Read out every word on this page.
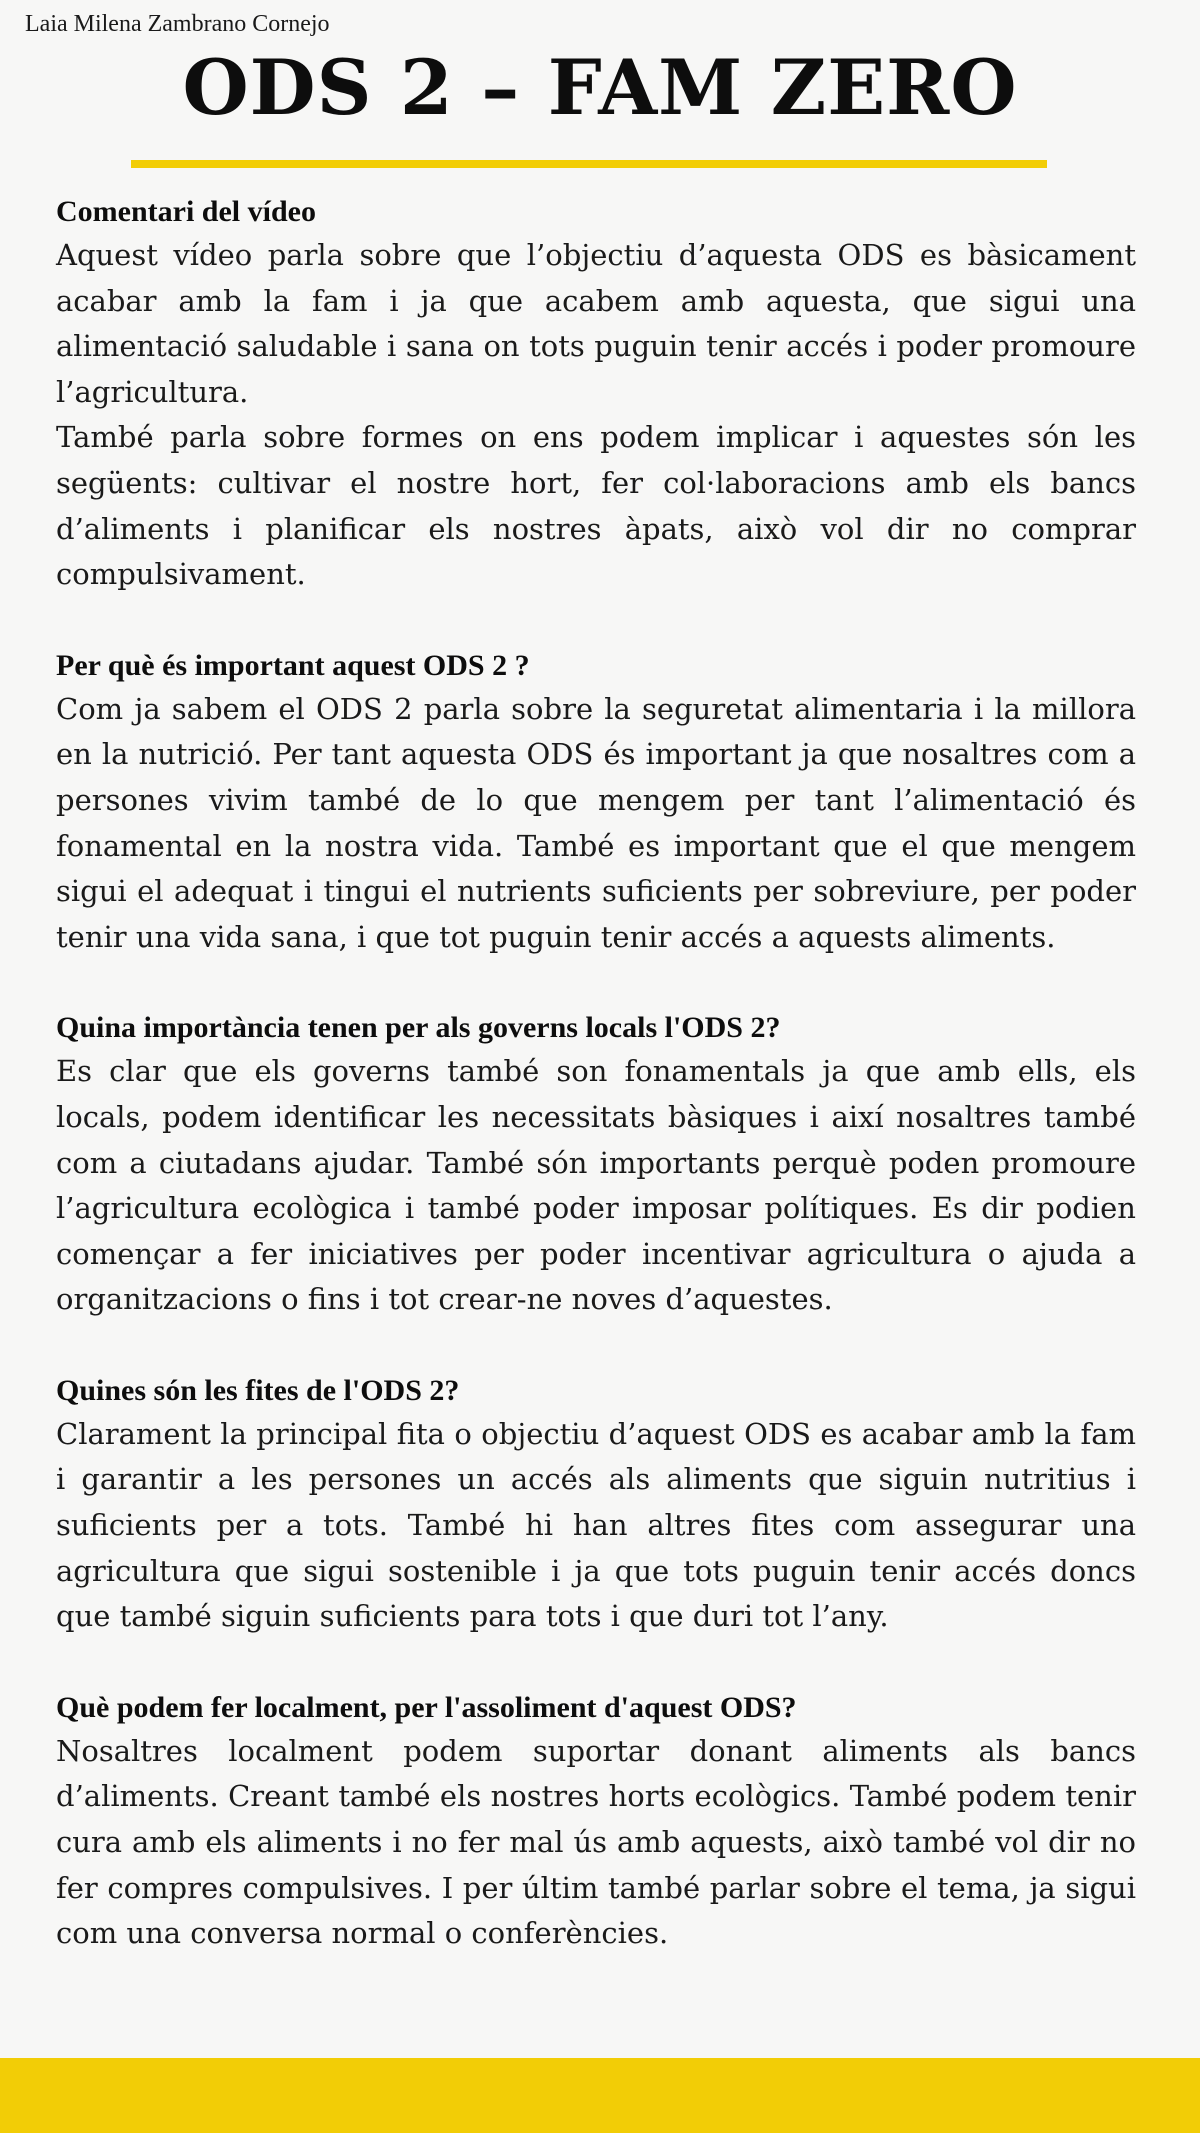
Laia Milena Zambrano Cornejo

ODS 2 – FAM ZERO
Comentari del vídeo

Aquest vídeo parla sobre que l’objectiu d’aquesta ODS es bàsicament acabar amb la fam i ja que acabem amb aquesta, que sigui una alimentació saludable i sana on tots puguin tenir accés i poder promoure l’agricultura.

També parla sobre formes on ens podem implicar i aquestes són les següents: cultivar el nostre hort, fer col·laboracions amb els bancs d’aliments i planificar els nostres àpats, això vol dir no comprar compulsivament.

Per què és important aquest ODS 2 ?

Com ja sabem el ODS 2 parla sobre la seguretat alimentaria i la millora en la nutrició. Per tant aquesta ODS és important ja que nosaltres com a persones vivim també de lo que mengem per tant l’alimentació és fonamental en la nostra vida. També es important que el que mengem sigui el adequat i tingui el nutrients suficients per sobreviure, per poder tenir una vida sana, i que tot puguin tenir accés a aquests aliments.

Quina importància tenen per als governs locals l'ODS 2?

Es clar que els governs també son fonamentals ja que amb ells, els locals, podem identificar les necessitats bàsiques i així nosaltres també com a ciutadans ajudar. També són importants perquè poden promoure l’agricultura ecològica i també poder imposar polítiques. Es dir podien començar a fer iniciatives per poder incentivar agricultura o ajuda a organitzacions o fins i tot crear-ne noves d’aquestes.

Quines són les fites de l'ODS 2?

Clarament la principal fita o objectiu d’aquest ODS es acabar amb la fam i garantir a les persones un accés als aliments que siguin nutritius i suficients per a tots. També hi han altres fites com assegurar una agricultura que sigui sostenible i ja que tots puguin tenir accés doncs que també siguin suficients para tots i que duri tot l’any.

Què podem fer localment, per l'assoliment d'aquest ODS?

Nosaltres localment podem suportar donant aliments als bancs d’aliments. Creant també els nostres horts ecològics. També podem tenir cura amb els aliments i no fer mal ús amb aquests, això també vol dir no fer compres compulsives. I per últim també parlar sobre el tema, ja sigui com una conversa normal o conferències.
